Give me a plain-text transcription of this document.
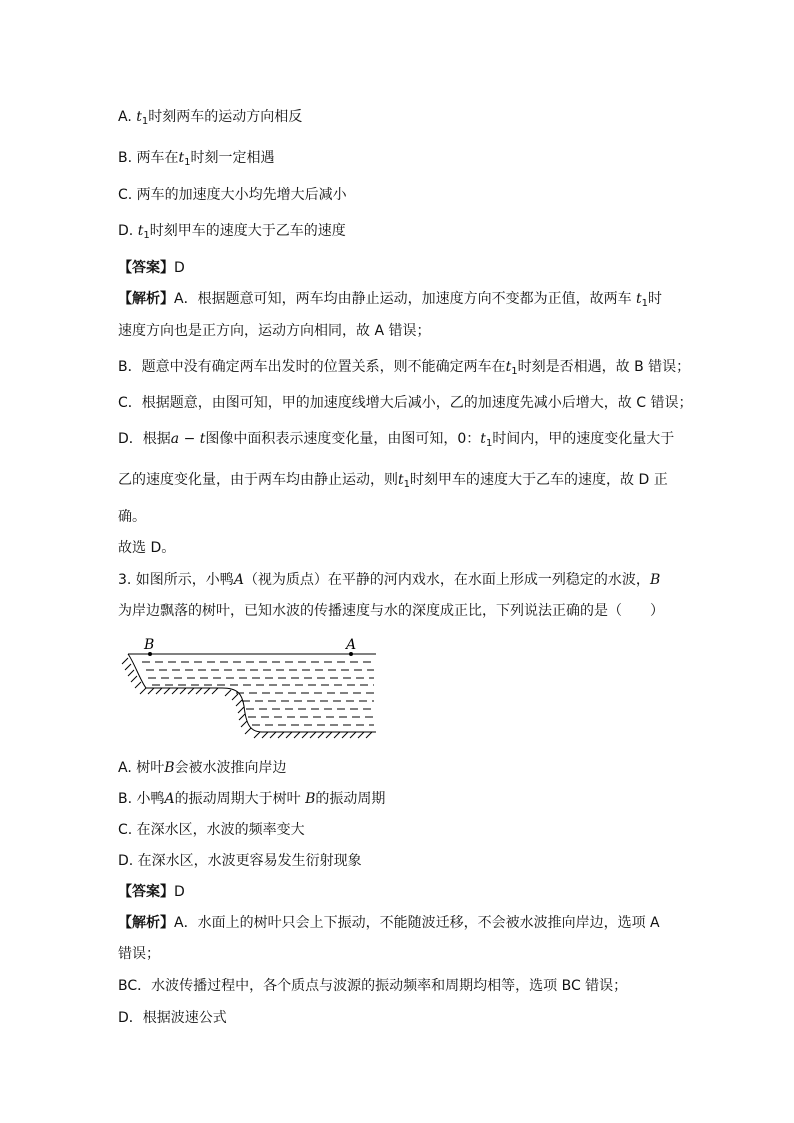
A. $t_1$时刻两车的运动方向相反
B. 两车在$t_1$时刻一定相遇
C. 两车的加速度大小均先增大后减小
D. $t_1$时刻甲车的速度大于乙车的速度
【答案】D
【解析】A．根据题意可知，两车均由静止运动，加速度方向不变都为正值，故两车 $t_1$时
速度方向也是正方向，运动方向相同，故 A 错误；
B．题意中没有确定两车出发时的位置关系，则不能确定两车在$t_1$时刻是否相遇，故 B 错误；
C．根据题意，由图可知，甲的加速度线增大后减小，乙的加速度先减小后增大，故 C 错误；
D．根据a − t图像中面积表示速度变化量，由图可知，0：$t_1$时间内，甲的速度变化量大于
乙的速度变化量，由于两车均由静止运动，则$t_1$时刻甲车的速度大于乙车的速度，故 D 正
确。
故选 D。
3. 如图所示，小鸭A（视为质点）在平静的河内戏水，在水面上形成一列稳定的水波，B
为岸边飘落的树叶，已知水波的传播速度与水的深度成正比，下列说法正确的是（　　）
B	A
A. 树叶B会被水波推向岸边
B. 小鸭A的振动周期大于树叶 B的振动周期
C. 在深水区，水波的频率变大
D. 在深水区，水波更容易发生衍射现象
【答案】D
【解析】A．水面上的树叶只会上下振动，不能随波迁移，不会被水波推向岸边，选项 A
错误；
BC．水波传播过程中，各个质点与波源的振动频率和周期均相等，选项 BC 错误；
D．根据波速公式
